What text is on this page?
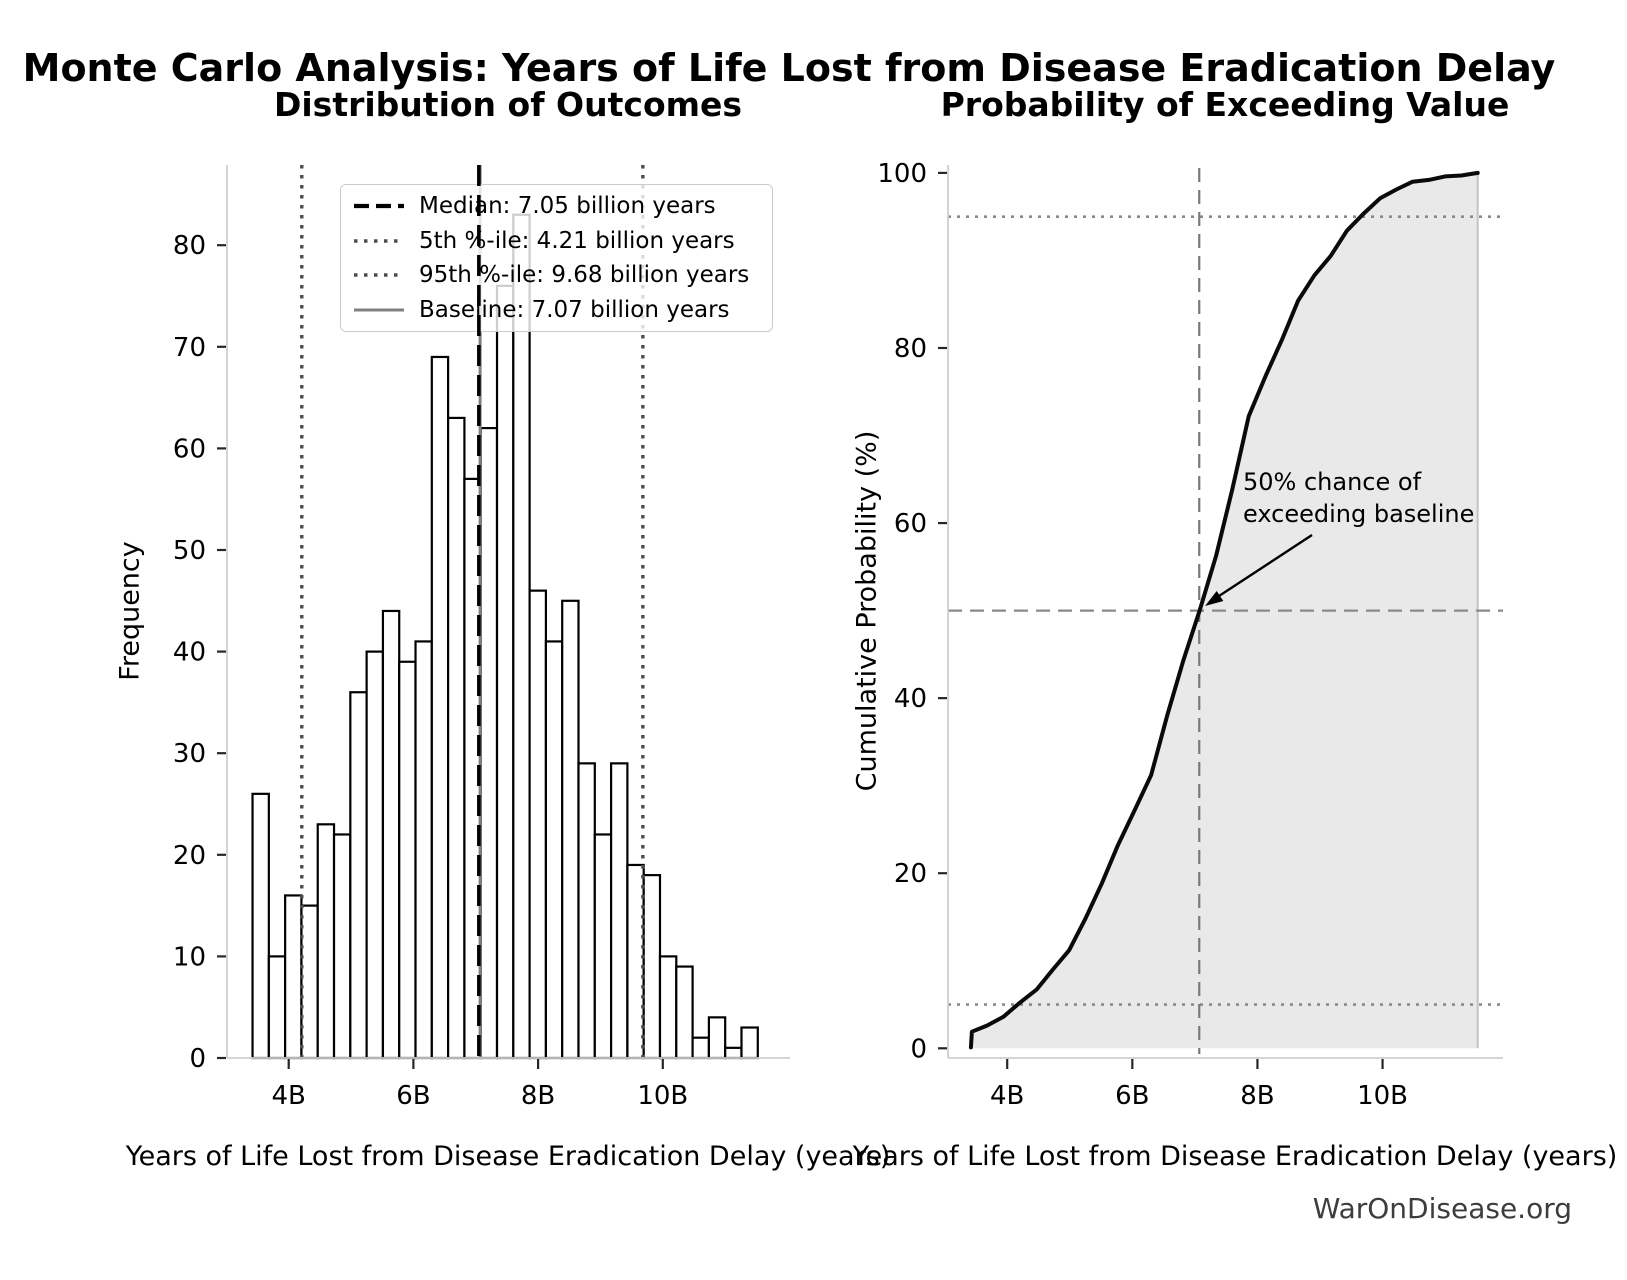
4B	6B	8B	10B
0
10
20
30
40
50
60
70
80
4B	6B	8B	10B
0
20
40
60
80
100
Monte Carlo Analysis: Years of Life Lost from Disease Eradication Delay
Distribution of Outcomes	Probability of Exceeding Value
Frequency	Cumulative Probability (%)
Years of Life Lost from Disease Eradication Delay (years)
Years of Life Lost from Disease Eradication Delay (years)
Median: 7.05 billion years
5th %-ile: 4.21 billion years
95th %-ile: 9.68 billion years
Baseline: 7.07 billion years
50% chance of
exceeding baseline
WarOnDisease.org
